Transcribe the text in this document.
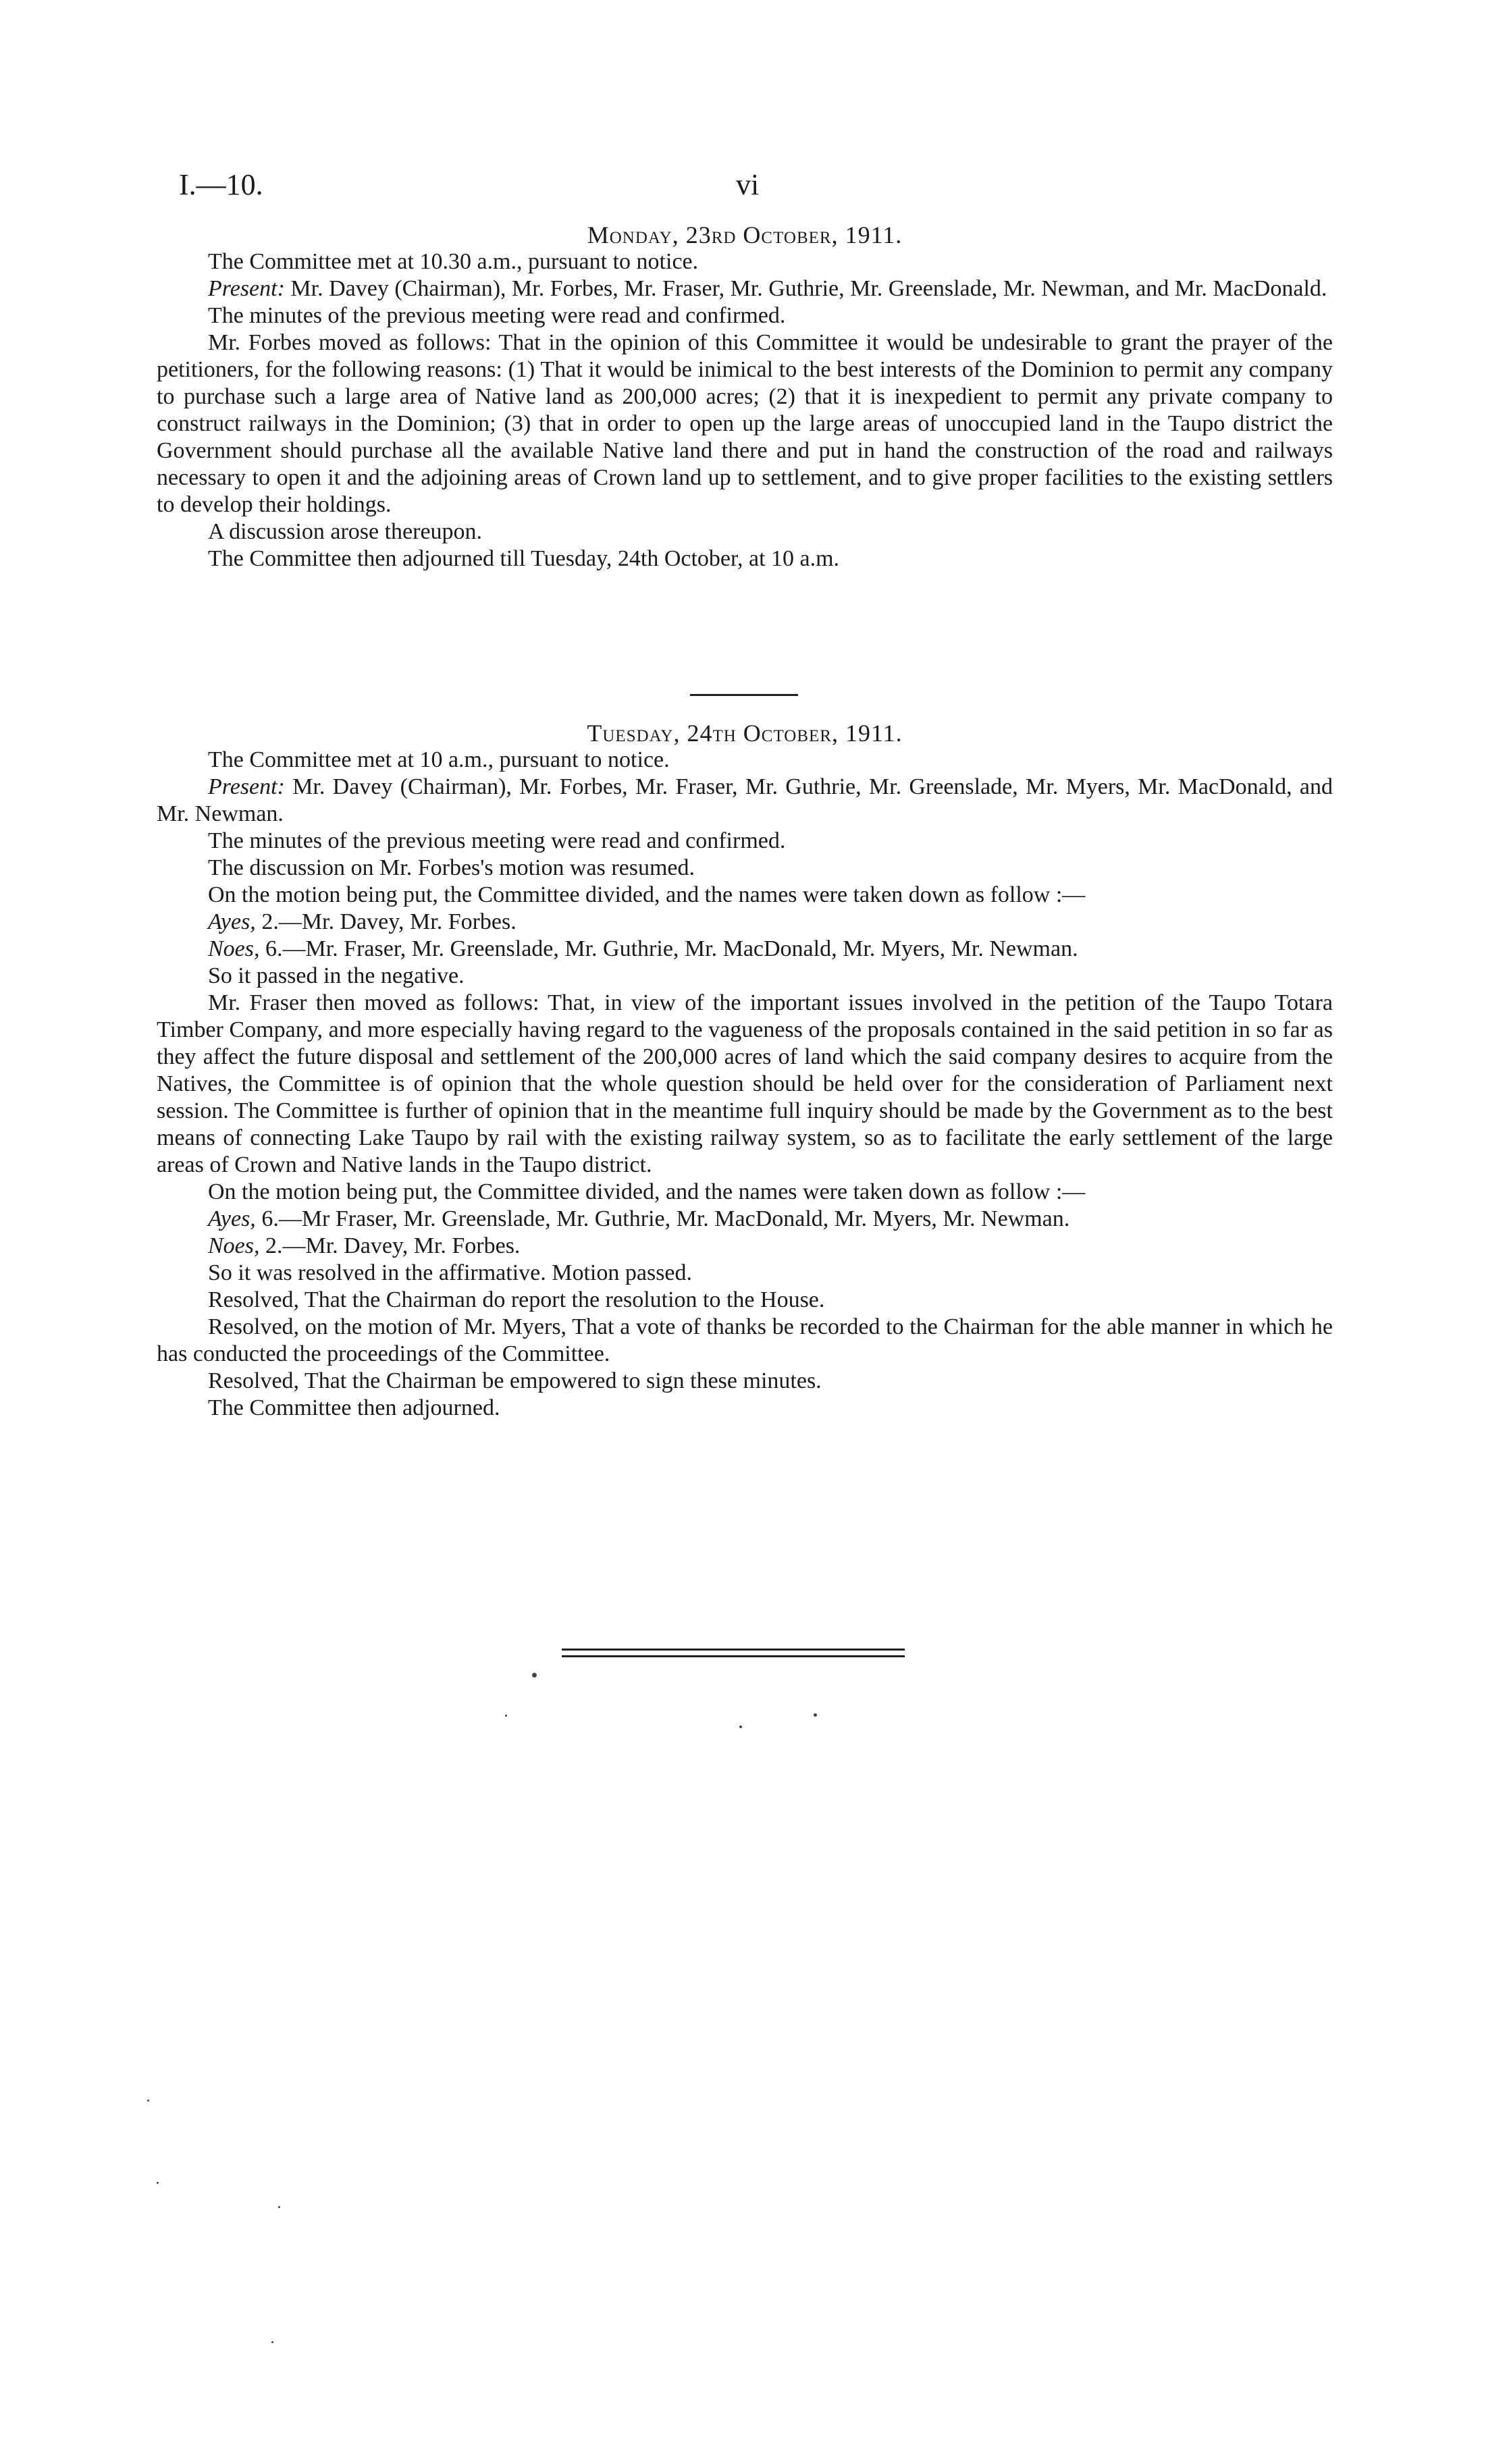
I.—10.	vi

Monday, 23rd October, 1911.

The Committee met at 10.30 a.m., pursuant to notice.

Present: Mr. Davey (Chairman), Mr. Forbes, Mr. Fraser, Mr. Guthrie, Mr. Greenslade, Mr. Newman, and Mr. MacDonald.

The minutes of the previous meeting were read and confirmed.

Mr. Forbes moved as follows: That in the opinion of this Committee it would be undesirable to grant the prayer of the petitioners, for the following reasons: (1) That it would be inimical to the best interests of the Dominion to permit any company to purchase such a large area of Native land as 200,000 acres; (2) that it is inexpedient to permit any private company to construct railways in the Dominion; (3) that in order to open up the large areas of unoccupied land in the Taupo district the Government should purchase all the available Native land there and put in hand the construction of the road and railways necessary to open it and the adjoining areas of Crown land up to settlement, and to give proper facilities to the existing settlers to develop their holdings.

A discussion arose thereupon.

The Committee then adjourned till Tuesday, 24th October, at 10 a.m.

Tuesday, 24th October, 1911.

The Committee met at 10 a.m., pursuant to notice.

Present: Mr. Davey (Chairman), Mr. Forbes, Mr. Fraser, Mr. Guthrie, Mr. Greenslade, Mr. Myers, Mr. MacDonald, and Mr. Newman.

The minutes of the previous meeting were read and confirmed.

The discussion on Mr. Forbes's motion was resumed.

On the motion being put, the Committee divided, and the names were taken down as follow :—

Ayes, 2.—Mr. Davey, Mr. Forbes.

Noes, 6.—Mr. Fraser, Mr. Greenslade, Mr. Guthrie, Mr. MacDonald, Mr. Myers, Mr. Newman.

So it passed in the negative.

Mr. Fraser then moved as follows: That, in view of the important issues involved in the petition of the Taupo Totara Timber Company, and more especially having regard to the vagueness of the proposals contained in the said petition in so far as they affect the future disposal and settlement of the 200,000 acres of land which the said company desires to acquire from the Natives, the Committee is of opinion that the whole question should be held over for the consideration of Parliament next session. The Committee is further of opinion that in the meantime full inquiry should be made by the Government as to the best means of connecting Lake Taupo by rail with the existing railway system, so as to facilitate the early settlement of the large areas of Crown and Native lands in the Taupo district.

On the motion being put, the Committee divided, and the names were taken down as follow :—

Ayes, 6.—Mr Fraser, Mr. Greenslade, Mr. Guthrie, Mr. MacDonald, Mr. Myers, Mr. Newman.

Noes, 2.—Mr. Davey, Mr. Forbes.

So it was resolved in the affirmative. Motion passed.

Resolved, That the Chairman do report the resolution to the House.

Resolved, on the motion of Mr. Myers, That a vote of thanks be recorded to the Chairman for the able manner in which he has conducted the proceedings of the Committee.

Resolved, That the Chairman be empowered to sign these minutes.

The Committee then adjourned.
